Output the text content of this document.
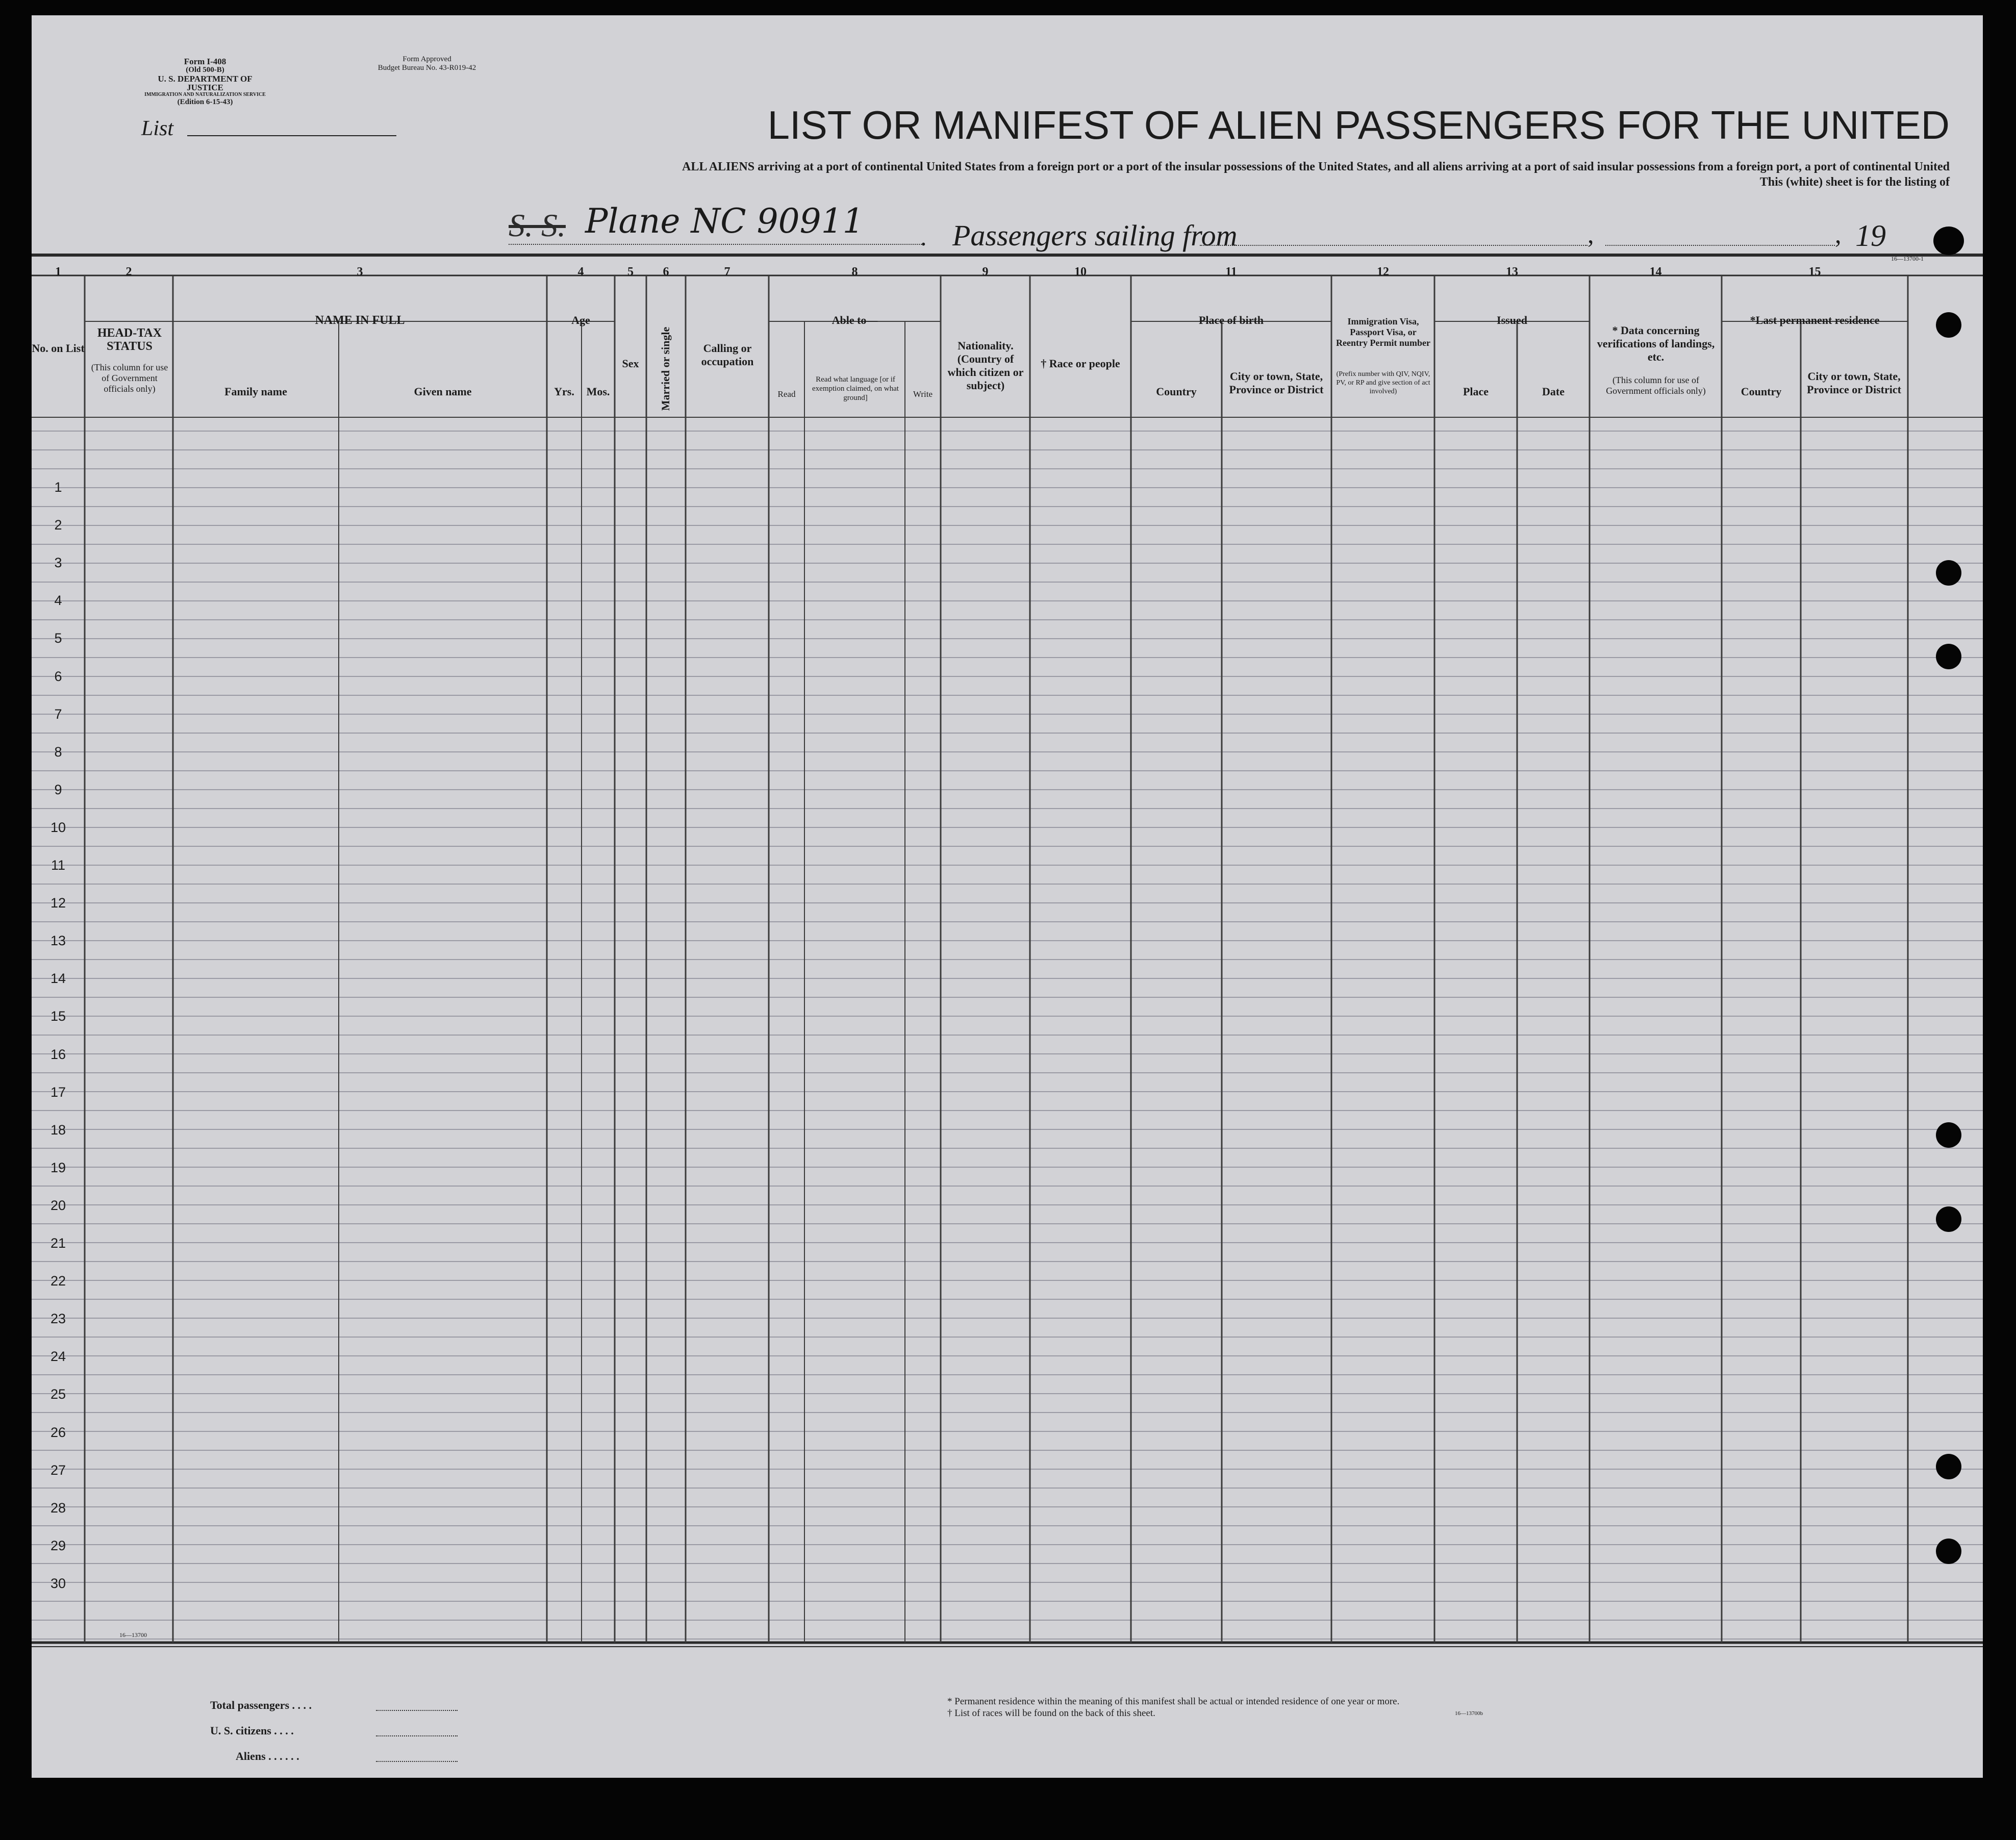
Form I-408
(Old 500-B)
U. S. DEPARTMENT OF JUSTICE
IMMIGRATION AND NATURALIZATION SERVICE
(Edition 6-15-43)
Form Approved
Budget Bureau No. 43-R019-42
List	LIST OR MANIFEST OF ALIEN PASSENGERS FOR THE UNITED
ALL ALIENS arriving at a port of continental United States from a foreign port or a port of the insular possessions of the United States, and all aliens arriving at a port of said insular possessions from a foreign port, a port of continental United
This (white) sheet is for the listing of
S. S. Plane NC 90911 . Passengers sailing from	,	, 19
16—13700-1
1	2	3	4	5	6	7	8	9	10	11	12	13	14	15
No. on List
HEAD-TAX STATUS
(This column for use of Government officials only)
NAME IN FULL
Family name	Given name
Age
Yrs.	Mos.
Sex	Married or single	Calling or occupation
Able to—
Read
Read what language [or if exemption claimed, on what ground]	Write
Nationality. (Country of which citizen or subject)
† Race or people
Place of birth
Country
City or town, State, Province or District
Immigration Visa, Passport Visa, or Reentry Permit number
(Prefix number with QIV, NQIV, PV, or RP and give section of act involved)
Issued
Place	Date
* Data concerning verifications of landings, etc.
(This column for use of Government officials only)
*Last permanent residence
Country
City or town, State, Province or District
1
2
3
4
5
6
7
8
9
10
11
12
13
14
15
16
17
18
19
20
21
22
23
24
25
26
27
28
29
30
16—13700
Total passengers . . . .
U. S. citizens . . . .
Aliens . . . . . .
* Permanent residence within the meaning of this manifest shall be actual or intended residence of one year or more.
† List of races will be found on the back of this sheet.	16—13700b
